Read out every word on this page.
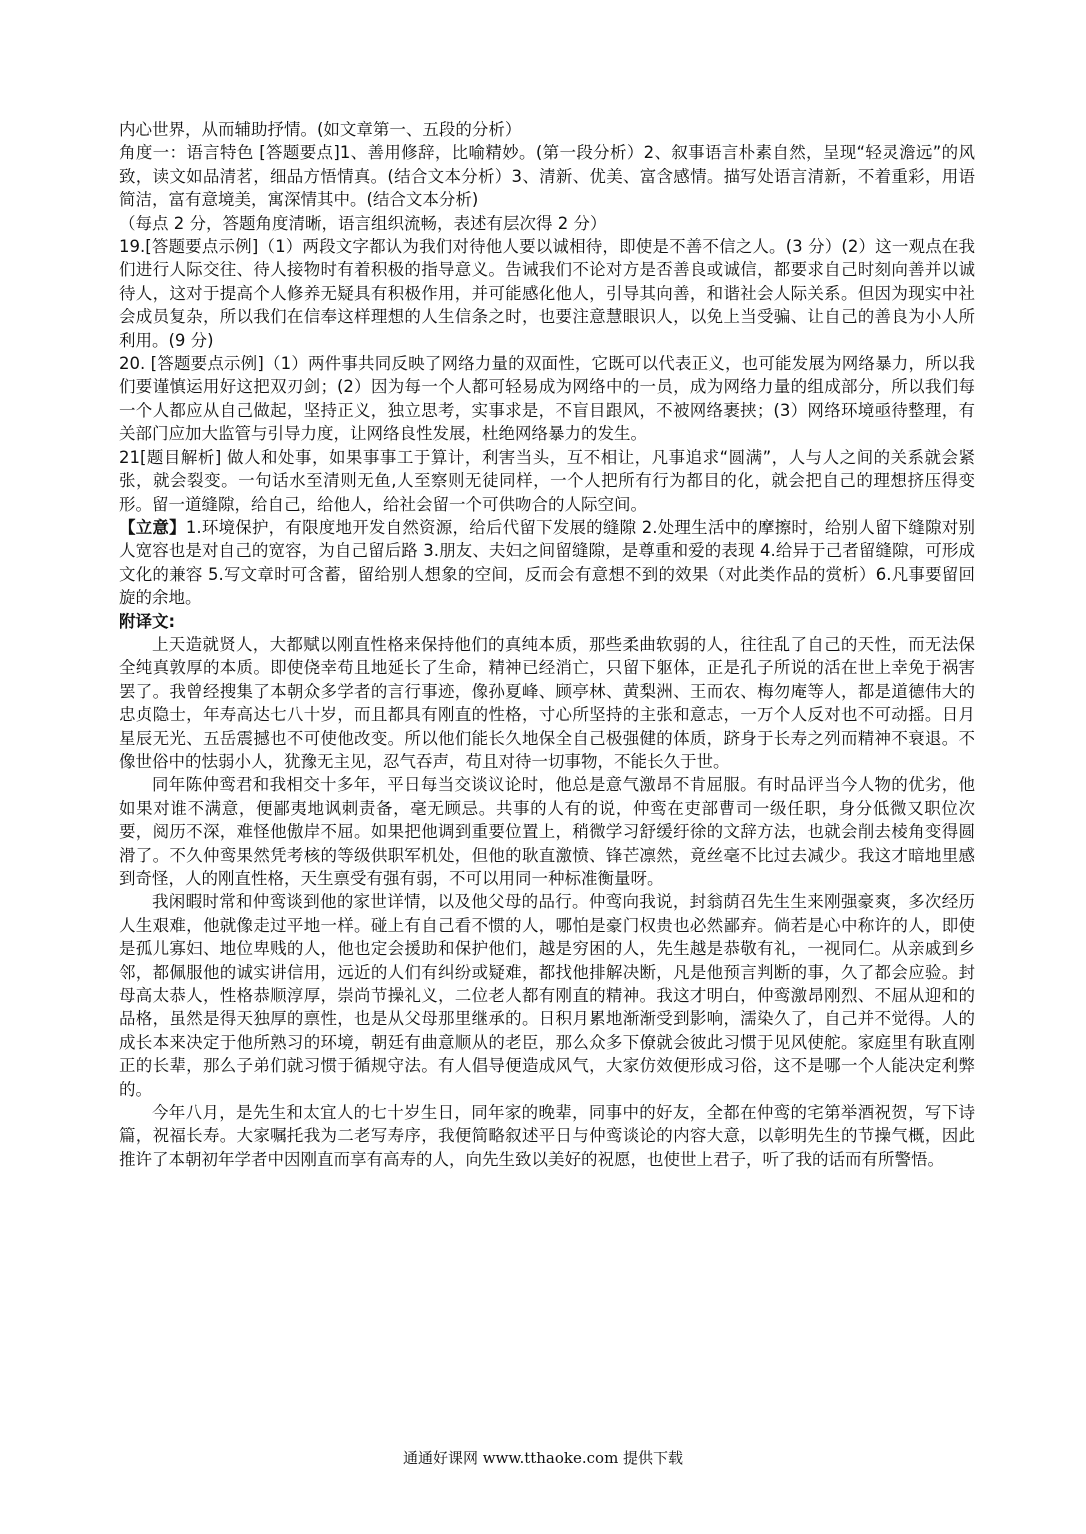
内心世界，从而辅助抒情。(如文章第一、五段的分析）

角度一：语言特色 [答题要点]1、善用修辞，比喻精妙。(第一段分析）2、叙事语言朴素自然，呈现“轻灵澹远”的风致，读文如品清茗，细品方悟情真。(结合文本分析）3、清新、优美、富含感情。描写处语言清新，不着重彩，用语简洁，富有意境美，寓深情其中。(结合文本分析)

（每点 2 分，答题角度清晰，语言组织流畅，表述有层次得 2 分）

19.[答题要点示例]（1）两段文字都认为我们对待他人要以诚相待，即使是不善不信之人。(3 分）(2）这一观点在我们进行人际交往、待人接物时有着积极的指导意义。告诫我们不论对方是否善良或诚信，都要求自己时刻向善并以诚待人，这对于提高个人修养无疑具有积极作用，并可能感化他人，引导其向善，和谐社会人际关系。但因为现实中社会成员复杂，所以我们在信奉这样理想的人生信条之时，也要注意慧眼识人，以免上当受骗、让自己的善良为小人所利用。(9 分)

20. [答题要点示例]（1）两件事共同反映了网络力量的双面性，它既可以代表正义，也可能发展为网络暴力，所以我们要谨慎运用好这把双刃剑；(2）因为每一个人都可轻易成为网络中的一员，成为网络力量的组成部分，所以我们每一个人都应从自己做起，坚持正义，独立思考，实事求是，不盲目跟风，不被网络裹挟；(3）网络环境亟待整理，有关部门应加大监管与引导力度，让网络良性发展，杜绝网络暴力的发生。

21[题目解析] 做人和处事，如果事事工于算计，利害当头，互不相让，凡事追求“圆满”，人与人之间的关系就会紧张，就会裂变。一句话水至清则无鱼,人至察则无徒同样，一个人把所有行为都目的化，就会把自己的理想挤压得变形。留一道缝隙，给自己，给他人，给社会留一个可供吻合的人际空间。

【立意】1.环境保护，有限度地开发自然资源，给后代留下发展的缝隙 2.处理生活中的摩擦时，给别人留下缝隙对别人宽容也是对自己的宽容，为自己留后路 3.朋友、夫妇之间留缝隙，是尊重和爱的表现 4.给异于己者留缝隙，可形成文化的兼容 5.写文章时可含蓄，留给别人想象的空间，反而会有意想不到的效果（对此类作品的赏析）6.凡事要留回旋的余地。

附译文:

上天造就贤人，大都赋以刚直性格来保持他们的真纯本质，那些柔曲软弱的人，往往乱了自己的天性，而无法保全纯真敦厚的本质。即使侥幸苟且地延长了生命，精神已经消亡，只留下躯体，正是孔子所说的活在世上幸免于祸害罢了。我曾经搜集了本朝众多学者的言行事迹，像孙夏峰、顾亭林、黄梨洲、王而农、梅勿庵等人，都是道德伟大的忠贞隐士，年寿高达七八十岁，而且都具有刚直的性格，寸心所坚持的主张和意志，一万个人反对也不可动摇。日月星辰无光、五岳震撼也不可使他改变。所以他们能长久地保全自己极强健的体质，跻身于长寿之列而精神不衰退。不像世俗中的怯弱小人，犹豫无主见，忍气吞声，苟且对待一切事物，不能长久于世。

同年陈仲鸾君和我相交十多年，平日每当交谈议论时，他总是意气激昂不肯屈服。有时品评当今人物的优劣，他如果对谁不满意，便鄙夷地讽刺责备，毫无顾忌。共事的人有的说，仲鸾在吏部曹司一级任职，身分低微又职位次要，阅历不深，难怪他傲岸不屈。如果把他调到重要位置上，稍微学习舒缓纡徐的文辞方法，也就会削去棱角变得圆滑了。不久仲鸾果然凭考核的等级供职军机处，但他的耿直激愤、锋芒凛然，竟丝毫不比过去减少。我这才暗地里感到奇怪，人的刚直性格，天生禀受有强有弱，不可以用同一种标准衡量呀。

我闲暇时常和仲鸾谈到他的家世详情，以及他父母的品行。仲鸾向我说，封翁荫召先生生来刚强豪爽，多次经历人生艰难，他就像走过平地一样。碰上有自己看不惯的人，哪怕是豪门权贵也必然鄙弃。倘若是心中称许的人，即使是孤儿寡妇、地位卑贱的人，他也定会援助和保护他们，越是穷困的人，先生越是恭敬有礼，一视同仁。从亲戚到乡邻，都佩服他的诚实讲信用，远近的人们有纠纷或疑难，都找他排解决断，凡是他预言判断的事，久了都会应验。封母高太恭人，性格恭顺淳厚，崇尚节操礼义，二位老人都有刚直的精神。我这才明白，仲鸾激昂刚烈、不屈从迎和的品格，虽然是得天独厚的禀性，也是从父母那里继承的。日积月累地渐渐受到影响，濡染久了，自己并不觉得。人的成长本来决定于他所熟习的环境，朝廷有曲意顺从的老臣，那么众多下僚就会彼此习惯于见风使舵。家庭里有耿直刚正的长辈，那么子弟们就习惯于循规守法。有人倡导便造成风气，大家仿效便形成习俗，这不是哪一个人能决定利弊的。

今年八月，是先生和太宜人的七十岁生日，同年家的晚辈，同事中的好友，全都在仲鸾的宅第举酒祝贺，写下诗篇，祝福长寿。大家嘱托我为二老写寿序，我便简略叙述平日与仲鸾谈论的内容大意，以彰明先生的节操气概，因此推许了本朝初年学者中因刚直而享有高寿的人，向先生致以美好的祝愿，也使世上君子，听了我的话而有所警悟。

通通好课网 www.tthaoke.com 提供下载
